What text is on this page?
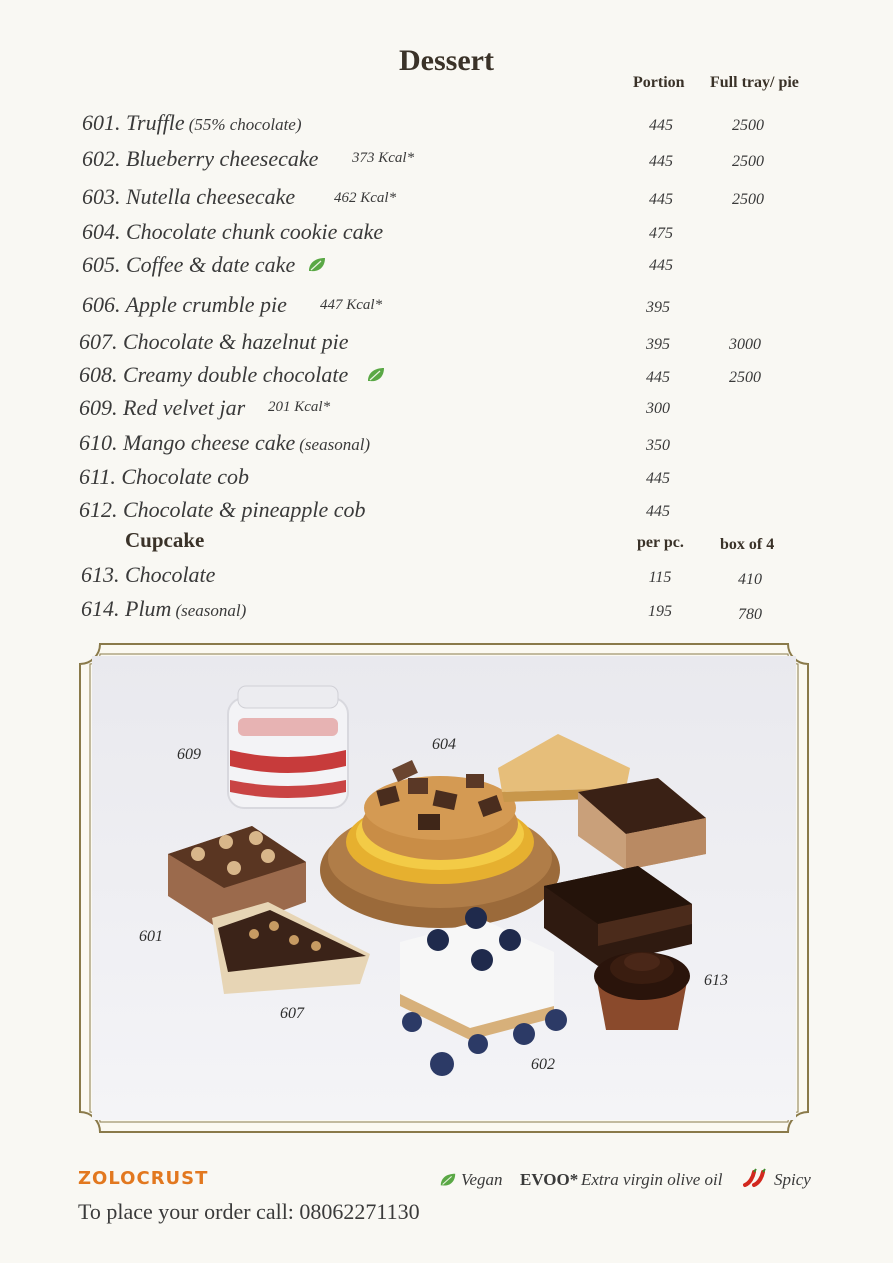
Dessert
Portion Full tray/ pie
601. Truffle (55% chocolate)	445	2500
602. Blueberry cheesecake 373 Kcal*	445	2500
603. Nutella cheesecake	462 Kcal*	445	2500
604. Chocolate chunk cookie cake	475
605. Coffee & date cake	445
606. Apple crumble pie 447 Kcal*	395
607. Chocolate & hazelnut pie	395	3000
608. Creamy double chocolate	445	2500
609. Red velvet jar 201 Kcal*	300
610. Mango cheese cake (seasonal)	350
611. Chocolate cob	445
612. Chocolate & pineapple cob	445
Cupcake	per pc. box of 4
613. Chocolate	115	410
614. Plum (seasonal)	195	780
609
604
601
607
602
613
ZOLOCRUST
To place your order call: 08062271130
Vegan EVOO* Extra virgin olive oil	Spicy
